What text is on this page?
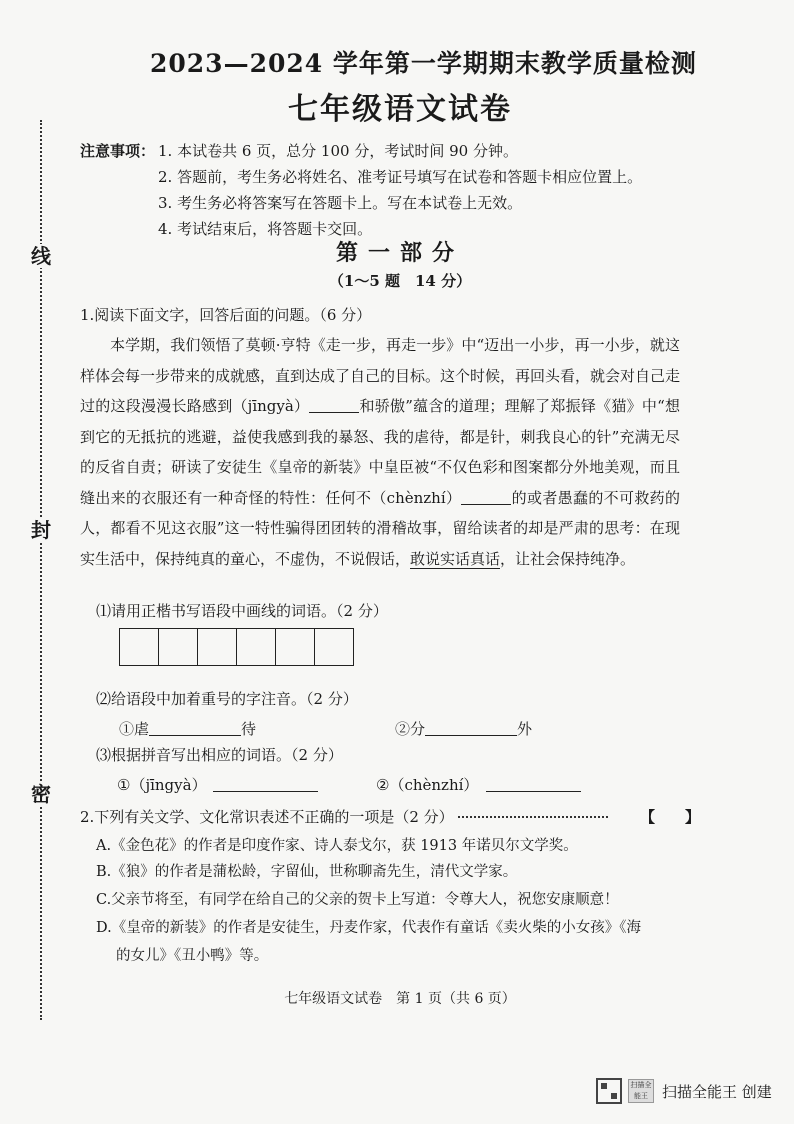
线
封
密
2023—2024 学年第一学期期末教学质量检测
七年级语文试卷
注意事项： 1. 本试卷共 6 页，总分 100 分，考试时间 90 分钟。
2. 答题前，考生务必将姓名、准考证号填写在试卷和答题卡相应位置上。
3. 考生务必将答案写在答题卡上。写在本试卷上无效。
4. 考试结束后，将答题卡交回。
第一部分
（1～5 题　14 分）
1.阅读下面文字，回答后面的问题。（6 分）

本学期，我们领悟了莫顿·亨特《走一步，再走一步》中“迈出一小步，再一小步，就这样体会每一步带来的成就感，直到达成了自己的目标。这个时候，再回头看，就会对自己走过的这段漫漫长路感到（jīngyà）	和骄傲”蕴含的道理；理解了郑振铎《猫》中“想到它的无抵抗的逃避，益使我感到我的暴怒、我的虐待，都是针，刺我良心的针”充满无尽的反省自责；研读了安徒生《皇帝的新装》中皇臣被“不仅色彩和图案都分外地美观，而且缝出来的衣服还有一种奇怪的特性：任何不（chènzhí）	的或者愚蠢的不可救药的人，都看不见这衣服”这一特性骗得团团转的滑稽故事，留给读者的却是严肃的思考：在现实生活中，保持纯真的童心，不虚伪，不说假话，敢说实话真话，让社会保持纯净。

⑴请用正楷书写语段中画线的词语。（2 分）
⑵给语段中加着重号的字注音。（2 分）
①虐	待	②分	外
⑶根据拼音写出相应的词语。（2 分）
①（jīngyà）	②（chènzhí）
2.下列有关文学、文化常识表述不正确的一项是（2 分）	【　　】
A.《金色花》的作者是印度作家、诗人泰戈尔，获 1913 年诺贝尔文学奖。
B.《狼》的作者是蒲松龄，字留仙，世称聊斋先生，清代文学家。
C.父亲节将至，有同学在给自己的父亲的贺卡上写道：令尊大人，祝您安康顺意！
D.《皇帝的新装》的作者是安徒生，丹麦作家，代表作有童话《卖火柴的小女孩》《海
的女儿》《丑小鸭》等。
七年级语文试卷　第 1 页（共 6 页）
扫描全能王 扫描全能王 创建
